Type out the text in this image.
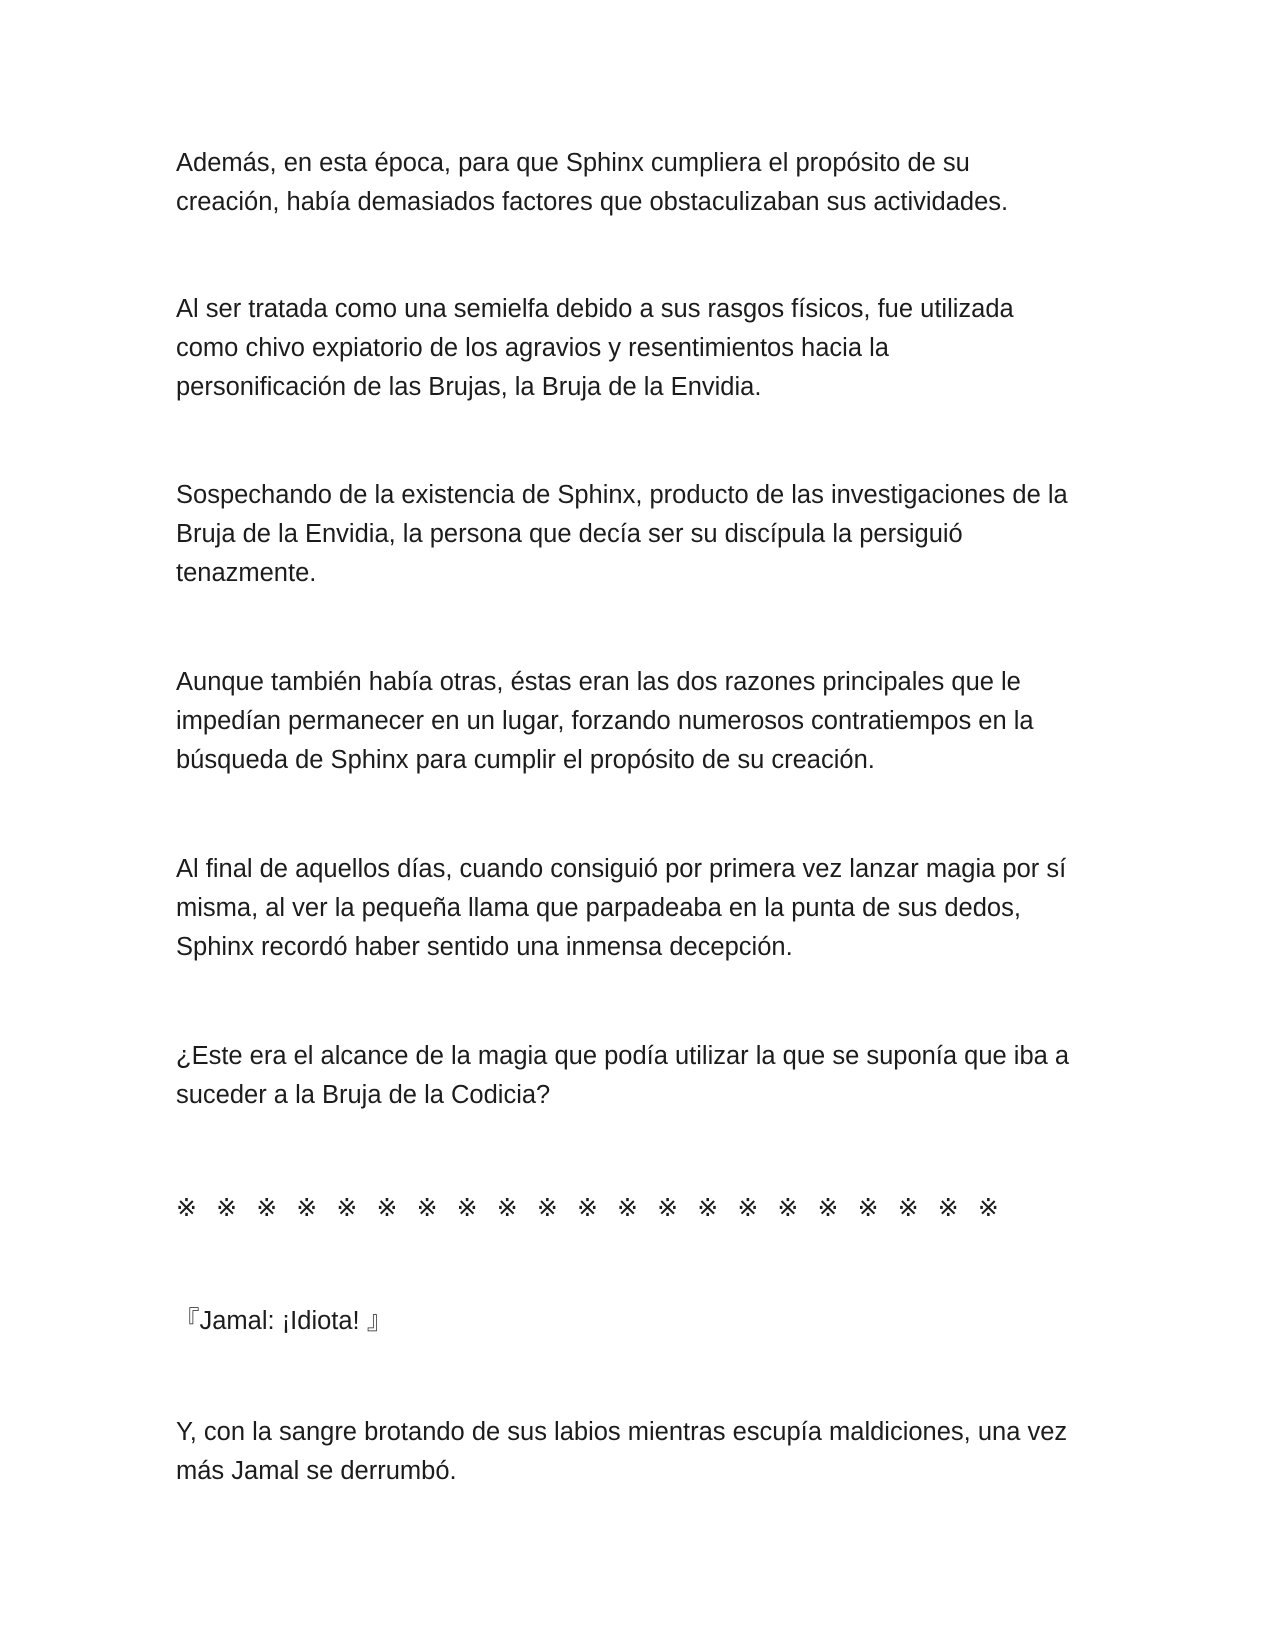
Además, en esta época, para que Sphinx cumpliera el propósito de su
creación, había demasiados factores que obstaculizaban sus actividades.

Al ser tratada como una semielfa debido a sus rasgos físicos, fue utilizada
como chivo expiatorio de los agravios y resentimientos hacia la
personificación de las Brujas, la Bruja de la Envidia.

Sospechando de la existencia de Sphinx, producto de las investigaciones de la
Bruja de la Envidia, la persona que decía ser su discípula la persiguió
tenazmente.

Aunque también había otras, éstas eran las dos razones principales que le
impedían permanecer en un lugar, forzando numerosos contratiempos en la
búsqueda de Sphinx para cumplir el propósito de su creación.

Al final de aquellos días, cuando consiguió por primera vez lanzar magia por sí
misma, al ver la pequeña llama que parpadeaba en la punta de sus dedos,
Sphinx recordó haber sentido una inmensa decepción.

¿Este era el alcance de la magia que podía utilizar la que se suponía que iba a
suceder a la Bruja de la Codicia?

※ ※ ※ ※ ※ ※ ※ ※ ※ ※ ※ ※ ※ ※ ※ ※ ※ ※ ※ ※ ※

『Jamal: ¡Idiota! 』

Y, con la sangre brotando de sus labios mientras escupía maldiciones, una vez
más Jamal se derrumbó.
